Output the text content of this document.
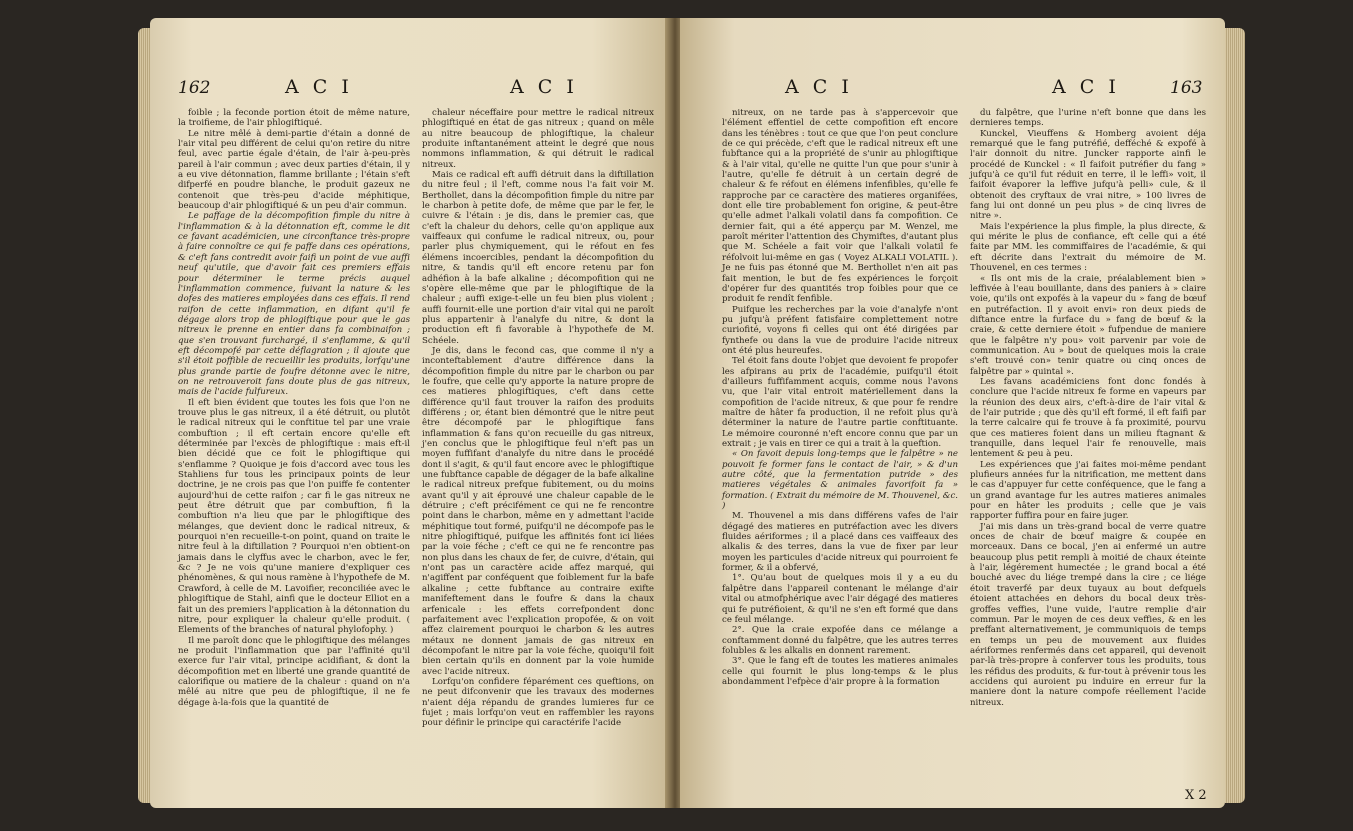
162	A C I	A C I

foible ; la feconde portion étoit de même nature, la troifieme, de l'air phlogiftiqué.

Le nitre mêlé à demi-partie d'étain a donné de l'air vital peu différent de celui qu'on retire du nitre feul, avec partie égale d'étain, de l'air à-peu-près pareil à l'air commun ; avec deux parties d'étain, il y a eu vive détonnation, flamme brillante ; l'étain s'eft difperfé en poudre blanche, le produit gazeux ne contenoit que très-peu d'acide méphitique, beaucoup d'air phlogiftiqué & un peu d'air commun.

Le paffage de la décompofition fimple du nitre à l'inflammation & à la détonnation eft, comme le dit ce favant académicien, une circonftance très-propre à faire connoître ce qui fe paffe dans ces opérations, & c'eft fans contredit avoir faifi un point de vue auffi neuf qu'utile, que d'avoir fait ces premiers effais pour déterminer le terme précis auquel l'inflammation commence, fuivant la nature & les dofes des matieres employées dans ces effais. Il rend raifon de cette inflammation, en difant qu'il fe dégage alors trop de phlogiftique pour que le gas nitreux le prenne en entier dans fa combinaifon ; que s'en trouvant furchargé, il s'enflamme, & qu'il eft décompofé par cette déflagration ; il ajoute que s'il étoit poffible de recueillir les produits, lorfqu'une plus grande partie de foufre détonne avec le nitre, on ne retrouveroit fans doute plus de gas nitreux, mais de l'acide fulfureux.

Il eft bien évident que toutes les fois que l'on ne trouve plus le gas nitreux, il a été détruit, ou plutôt le radical nitreux qui le conftitue tel par une vraie combuftion ; il eft certain encore qu'elle eft déterminée par l'excès de phlogiftique : mais eft-il bien décidé que ce foit le phlogiftique qui s'enflamme ? Quoique je fois d'accord avec tous les Stahliens fur tous les principaux points de leur doctrine, je ne crois pas que l'on puiffe fe contenter aujourd'hui de cette raifon ; car fi le gas nitreux ne peut être détruit que par combuftion, fi la combuftion n'a lieu que par le phlogiftique des mélanges, que devient donc le radical nitreux, & pourquoi n'en recueille-t-on point, quand on traite le nitre feul à la diftillation ? Pourquoi n'en obtient-on jamais dans le clyffus avec le charbon, avec le fer, &c ? Je ne vois qu'une maniere d'expliquer ces phénomènes, & qui nous ramène à l'hypothefe de M. Crawford, à celle de M. Lavoifier, reconciliée avec le phlogiftique de Stahl, ainfi que le docteur Elliot en a fait un des premiers l'application à la détonnation du nitre, pour expliquer la chaleur qu'elle produit. ( Elements of the branches of natural phylofophy. )

Il me paroît donc que le phlogiftique des mélanges ne produit l'inflammation que par l'affinité qu'il exerce fur l'air vital, principe acidifiant, & dont la décompofition met en liberté une grande quantité de calorifique ou matiere de la chaleur : quand on n'a mêlé au nitre que peu de phlogiftique, il ne fe dégage à-la-fois que la quantité de

chaleur néceffaire pour mettre le radical nitreux phlogiftiqué en état de gas nitreux ; quand on mêle au nitre beaucoup de phlogiftique, la chaleur produite inftantanément atteint le degré que nous nommons inflammation, & qui détruit le radical nitreux.

Mais ce radical eft auffi détruit dans la diftillation du nitre feul ; il l'eft, comme nous l'a fait voir M. Berthollet, dans la décompofition fimple du nitre par le charbon à petite dofe, de même que par le fer, le cuivre & l'étain : je dis, dans le premier cas, que c'eft la chaleur du dehors, celle qu'on applique aux vaiffeaux qui confume le radical nitreux, ou, pour parler plus chymiquement, qui le réfout en fes élémens incoercibles, pendant la décompofition du nitre, & tandis qu'il eft encore retenu par fon adhéfion à la bafe alkaline ; décompofition qui ne s'opère elle-même que par le phlogiftique de la chaleur ; auffi exige-t-elle un feu bien plus violent ; auffi fournit-elle une portion d'air vital qui ne paroît plus appartenir à l'analyfe du nitre, & dont la production eft fi favorable à l'hypothefe de M. Schéele.

Je dis, dans le fecond cas, que comme il n'y a inconteftablement d'autre différence dans la décompofition fimple du nitre par le charbon ou par le foufre, que celle qu'y apporte la nature propre de ces matieres phlogiftiques, c'eft dans cette différence qu'il faut trouver la raifon des produits différens ; or, étant bien démontré que le nitre peut être décompofé par le phlogiftique fans inflammation & fans qu'on recueille du gas nitreux, j'en conclus que le phlogiftique feul n'eft pas un moyen fuffifant d'analyfe du nitre dans le procédé dont il s'agit, & qu'il faut encore avec le phlogiftique une fubftance capable de dégager de la bafe alkaline le radical nitreux prefque fubitement, ou du moins avant qu'il y ait éprouvé une chaleur capable de le détruire ; c'eft précifément ce qui ne fe rencontre point dans le charbon, même en y admettant l'acide méphitique tout formé, puifqu'il ne décompofe pas le nitre phlogiftiqué, puifque les affinités font ici liées par la voie féche ; c'eft ce qui ne fe rencontre pas non plus dans les chaux de fer, de cuivre, d'étain, qui n'ont pas un caractère acide affez marqué, qui n'agiffent par conféquent que foiblement fur la bafe alkaline ; cette fubftance au contraire exifte manifeftement dans le foufre & dans la chaux arfenicale : les effets correfpondent donc parfaitement avec l'explication propofée, & on voit affez clairement pourquoi le charbon & les autres métaux ne donnent jamais de gas nitreux en décompofant le nitre par la voie féche, quoiqu'il foit bien certain qu'ils en donnent par la voie humide avec l'acide nitreux.

Lorfqu'on confidere féparément ces queftions, on ne peut difconvenir que les travaux des modernes n'aient déja répandu de grandes lumieres fur ce fujet ; mais lorfqu'on veut en raffembler les rayons pour définir le principe qui caractérife l'acide

A C I	A C I	163

nitreux, on ne tarde pas à s'appercevoir que l'élément effentiel de cette compofition eft encore dans les ténèbres : tout ce que que l'on peut conclure de ce qui précède, c'eft que le radical nitreux eft une fubftance qui a la propriété de s'unir au phlogiftique & à l'air vital, qu'elle ne quitte l'un que pour s'unir à l'autre, qu'elle fe détruit à un certain degré de chaleur & fe réfout en élémens infenfibles, qu'elle fe rapproche par ce caractère des matieres organifées, dont elle tire probablement fon origine, & peut-être qu'elle admet l'alkali volatil dans fa compofition. Ce dernier fait, qui a été apperçu par M. Wenzel, me paroît mériter l'attention des Chymiftes, d'autant plus que M. Schéele a fait voir que l'alkali volatil fe réfolvoit lui-même en gas ( Voyez ALKALI VOLATIL ). Je ne fuis pas étonné que M. Berthollet n'en ait pas fait mention, le but de fes expériences le forçoit d'opérer fur des quantités trop foibles pour que ce produit fe rendît fenfible.

Puifque les recherches par la voie d'analyfe n'ont pu jufqu'à préfent fatisfaire complettement notre curiofité, voyons fi celles qui ont été dirigées par fynthefe ou dans la vue de produire l'acide nitreux ont été plus heureufes.

Tel étoit fans doute l'objet que devoient fe propofer les afpirans au prix de l'académie, puifqu'il étoit d'ailleurs fuffifamment acquis, comme nous l'avons vu, que l'air vital entroit matériellement dans la compofition de l'acide nitreux, & que pour fe rendre maître de hâter fa production, il ne refoit plus qu'à déterminer la nature de l'autre partie conftituante. Le mémoire couronné n'eft encore connu que par un extrait ; je vais en tirer ce qui a trait à la queftion.

« On favoit depuis long-temps que le falpêtre » ne pouvoit fe former fans le contact de l'air, » & d'un autre côté, que la fermentation putride » des matieres végétales & animales favorifoit fa » formation. ( Extrait du mémoire de M. Thouvenel, &c. )

M. Thouvenel a mis dans différens vafes de l'air dégagé des matieres en putréfaction avec les divers fluides aériformes ; il a placé dans ces vaiffeaux des alkalis & des terres, dans la vue de fixer par leur moyen les particules d'acide nitreux qui pourroient fe former, & il a obfervé,

1°. Qu'au bout de quelques mois il y a eu du falpêtre dans l'appareil contenant le mélange d'air vital ou atmofphérique avec l'air dégagé des matieres qui fe putréfioient, & qu'il ne s'en eft formé que dans ce feul mélange.

2°. Que la craie expofée dans ce mélange a conftamment donné du falpêtre, que les autres terres folubles & les alkalis en donnent rarement.

3°. Que le fang eft de toutes les matieres animales celle qui fournit le plus long-temps & le plus abondamment l'efpèce d'air propre à la formation

du falpêtre, que l'urine n'eft bonne que dans les dernieres temps.

Kunckel, Vieuffens & Homberg avoient déja remarqué que le fang putréfié, defféché & expofé à l'air donnoit du nitre. Juncker rapporte ainfi le procédé de Kunckel : « Il faifoit putréfier du fang » jufqu'à ce qu'il fut réduit en terre, il le leffi» voit, il faifoit évaporer la leffive jufqu'à pelli» cule, & il obtenoit des cryftaux de vrai nitre, » 100 livres de fang lui ont donné un peu plus » de cinq livres de nitre ».

Mais l'expérience la plus fimple, la plus directe, & qui mérite le plus de confiance, eft celle qui a été faite par MM. les commiffaires de l'académie, & qui eft décrite dans l'extrait du mémoire de M. Thouvenel, en ces termes :

« Ils ont mis de la craie, préalablement bien » leffivée à l'eau bouillante, dans des paniers à » claire voie, qu'ils ont expofés à la vapeur du » fang de bœuf en putréfaction. Il y avoit envi» ron deux pieds de diftance entre la furface du » fang de bœuf & la craie, & cette derniere étoit » fufpendue de maniere que le falpêtre n'y pou» voit parvenir par voie de communication. Au » bout de quelques mois la craie s'eft trouvé con» tenir quatre ou cinq onces de falpêtre par » quintal ».

Les favans académiciens font donc fondés à conclure que l'acide nitreux fe forme en vapeurs par la réunion des deux airs, c'eft-à-dire de l'air vital & de l'air putride ; que dès qu'il eft formé, il eft faifi par la terre calcaire qui fe trouve à fa proximité, pourvu que ces matieres foient dans un milieu ftagnant & tranquille, dans lequel l'air fe renouvelle, mais lentement & peu à peu.

Les expériences que j'ai faites moi-même pendant plufieurs années fur la nitrification, me mettent dans le cas d'appuyer fur cette conféquence, que le fang a un grand avantage fur les autres matieres animales pour en hâter les produits ; celle que je vais rapporter fuffira pour en faire juger.

J'ai mis dans un très-grand bocal de verre quatre onces de chair de bœuf maigre & coupée en morceaux. Dans ce bocal, j'en ai enfermé un autre beaucoup plus petit rempli à moitié de chaux éteinte à l'air, légérement humectée ; le grand bocal a été bouché avec du liége trempé dans la cire ; ce liége étoit traverfé par deux tuyaux au bout defquels étoient attachées en dehors du bocal deux très-groffes veffies, l'une vuide, l'autre remplie d'air commun. Par le moyen de ces deux veffies, & en les preffant alternativement, je communiquois de temps en temps un peu de mouvement aux fluides aériformes renfermés dans cet appareil, qui devenoit par-là très-propre à conferver tous les produits, tous les réfidus des produits, & fur-tout à prévenir tous les accidens qui auroient pu induire en erreur fur la maniere dont la nature compofe réellement l'acide nitreux.

X 2
